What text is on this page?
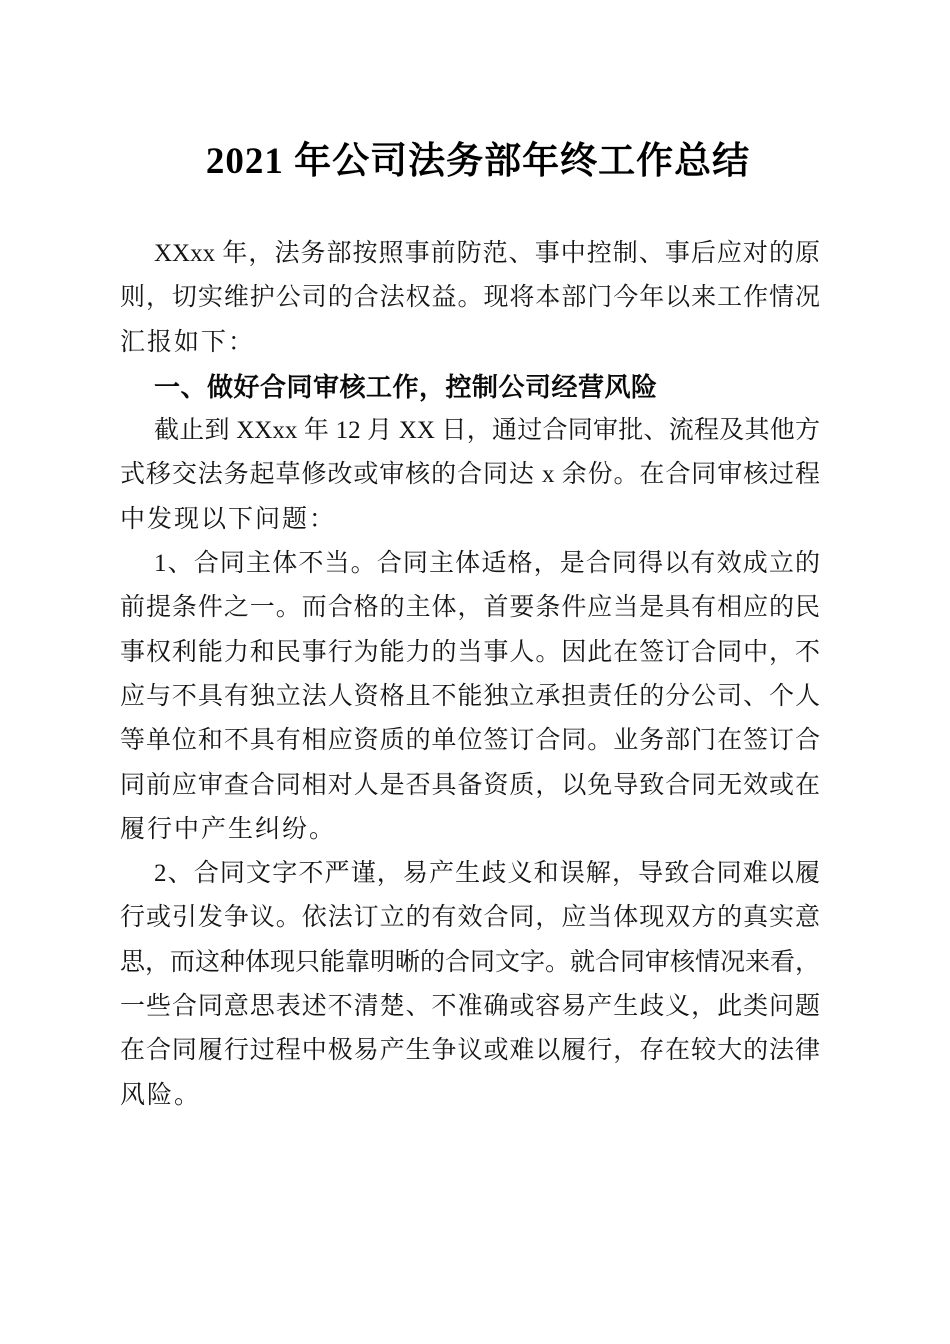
2021 年公司法务部年终工作总结
XXxx 年，法务部按照事前防范、事中控制、事后应对的原
则，切实维护公司的合法权益。现将本部门今年以来工作情况
汇报如下：
一、做好合同审核工作，控制公司经营风险
截止到 XXxx 年 12 月 XX 日，通过合同审批、流程及其他方
式移交法务起草修改或审核的合同达 x 余份。在合同审核过程
中发现以下问题：
1、合同主体不当。合同主体适格，是合同得以有效成立的
前提条件之一。而合格的主体，首要条件应当是具有相应的民
事权利能力和民事行为能力的当事人。因此在签订合同中，不
应与不具有独立法人资格且不能独立承担责任的分公司、个人
等单位和不具有相应资质的单位签订合同。业务部门在签订合
同前应审查合同相对人是否具备资质，以免导致合同无效或在
履行中产生纠纷。
2、合同文字不严谨，易产生歧义和误解，导致合同难以履
行或引发争议。依法订立的有效合同，应当体现双方的真实意
思，而这种体现只能靠明晰的合同文字。就合同审核情况来看，
一些合同意思表述不清楚、不准确或容易产生歧义，此类问题
在合同履行过程中极易产生争议或难以履行，存在较大的法律
风险。
